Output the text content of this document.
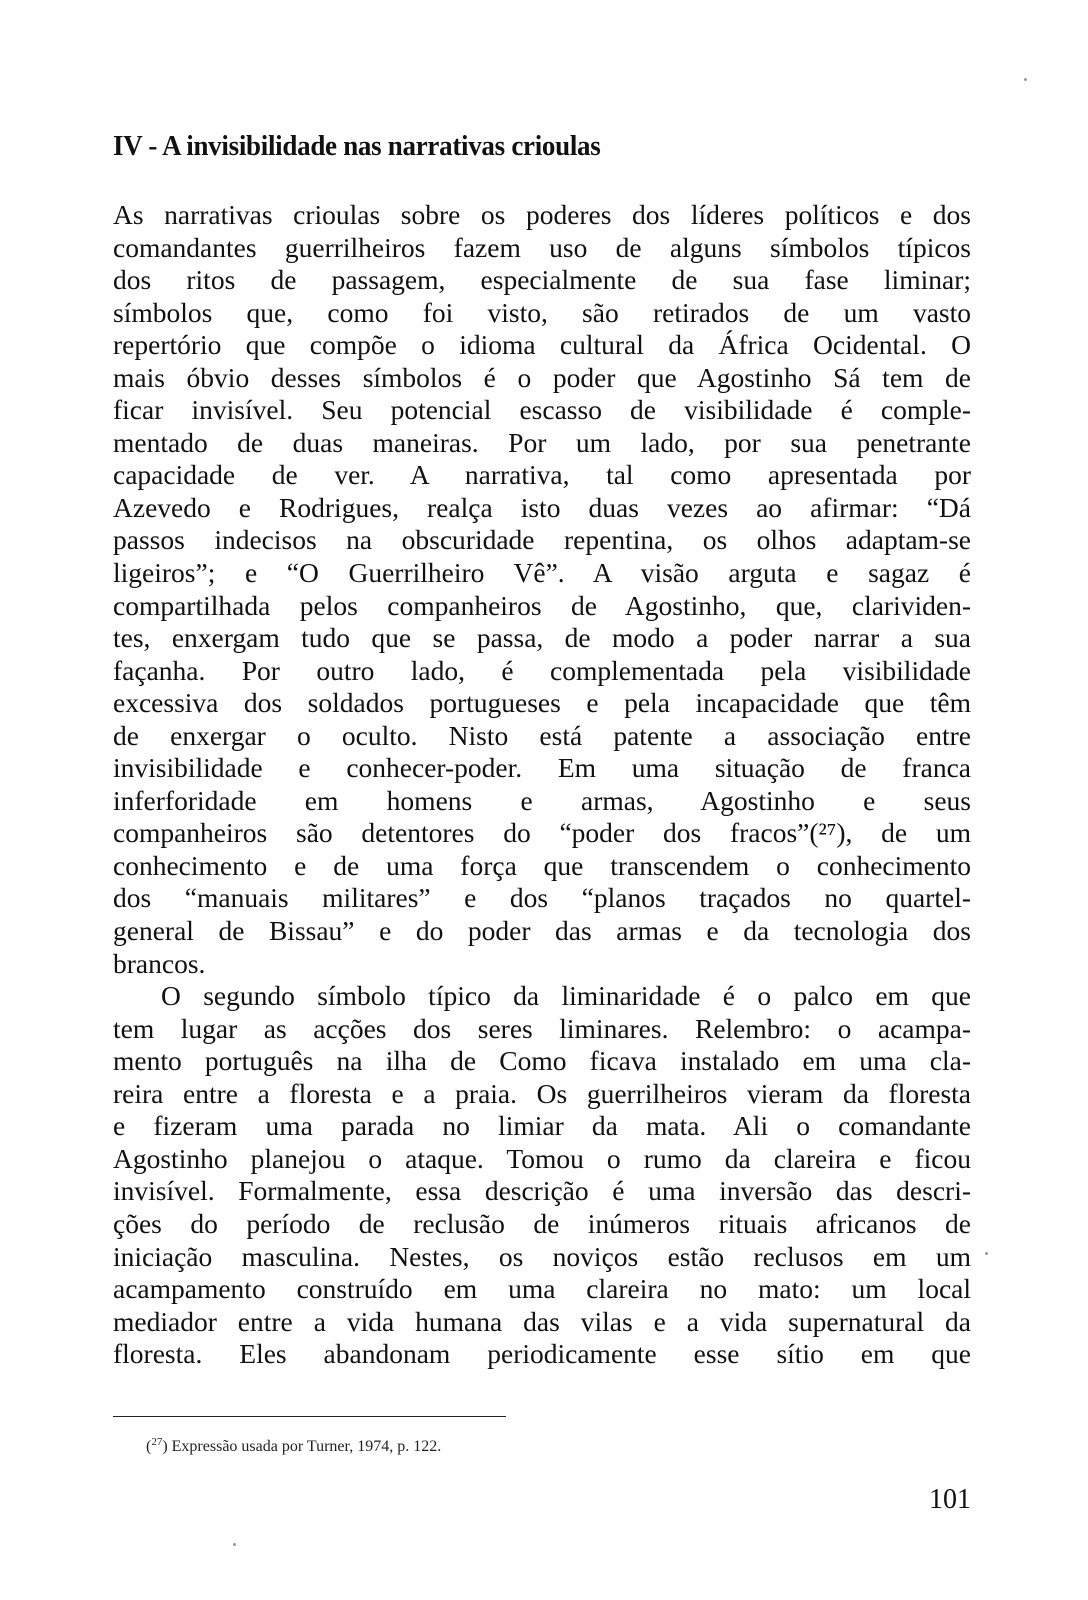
IV - A invisibilidade nas narrativas crioulas
As narrativas crioulas sobre os poderes dos líderes políticos e dos
comandantes guerrilheiros fazem uso de alguns símbolos típicos
dos ritos de passagem, especialmente de sua fase liminar;
símbolos que, como foi visto, são retirados de um vasto
repertório que compõe o idioma cultural da África Ocidental. O
mais óbvio desses símbolos é o poder que Agostinho Sá tem de
ficar invisível. Seu potencial escasso de visibilidade é comple-
mentado de duas maneiras. Por um lado, por sua penetrante
capacidade de ver. A narrativa, tal como apresentada por
Azevedo e Rodrigues, realça isto duas vezes ao afirmar: “Dá
passos indecisos na obscuridade repentina, os olhos adaptam-se
ligeiros”; e “O Guerrilheiro Vê”. A visão arguta e sagaz é
compartilhada pelos companheiros de Agostinho, que, clarividen-
tes, enxergam tudo que se passa, de modo a poder narrar a sua
façanha. Por outro lado, é complementada pela visibilidade
excessiva dos soldados portugueses e pela incapacidade que têm
de enxergar o oculto. Nisto está patente a associação entre
invisibilidade e conhecer-poder. Em uma situação de franca
inferforidade em homens e armas, Agostinho e seus
companheiros são detentores do “poder dos fracos”(²⁷), de um
conhecimento e de uma força que transcendem o conhecimento
dos “manuais militares” e dos “planos traçados no quartel-
general de Bissau” e do poder das armas e da tecnologia dos
brancos.
O segundo símbolo típico da liminaridade é o palco em que
tem lugar as acções dos seres liminares. Relembro: o acampa-
mento português na ilha de Como ficava instalado em uma cla-
reira entre a floresta e a praia. Os guerrilheiros vieram da floresta
e fizeram uma parada no limiar da mata. Ali o comandante
Agostinho planejou o ataque. Tomou o rumo da clareira e ficou
invisível. Formalmente, essa descrição é uma inversão das descri-
ções do período de reclusão de inúmeros rituais africanos de
iniciação masculina. Nestes, os noviços estão reclusos em um
acampamento construído em uma clareira no mato: um local
mediador entre a vida humana das vilas e a vida supernatural da
floresta. Eles abandonam periodicamente esse sítio em que
($^{27}$) Expressão usada por Turner, 1974, p. 122.
101
